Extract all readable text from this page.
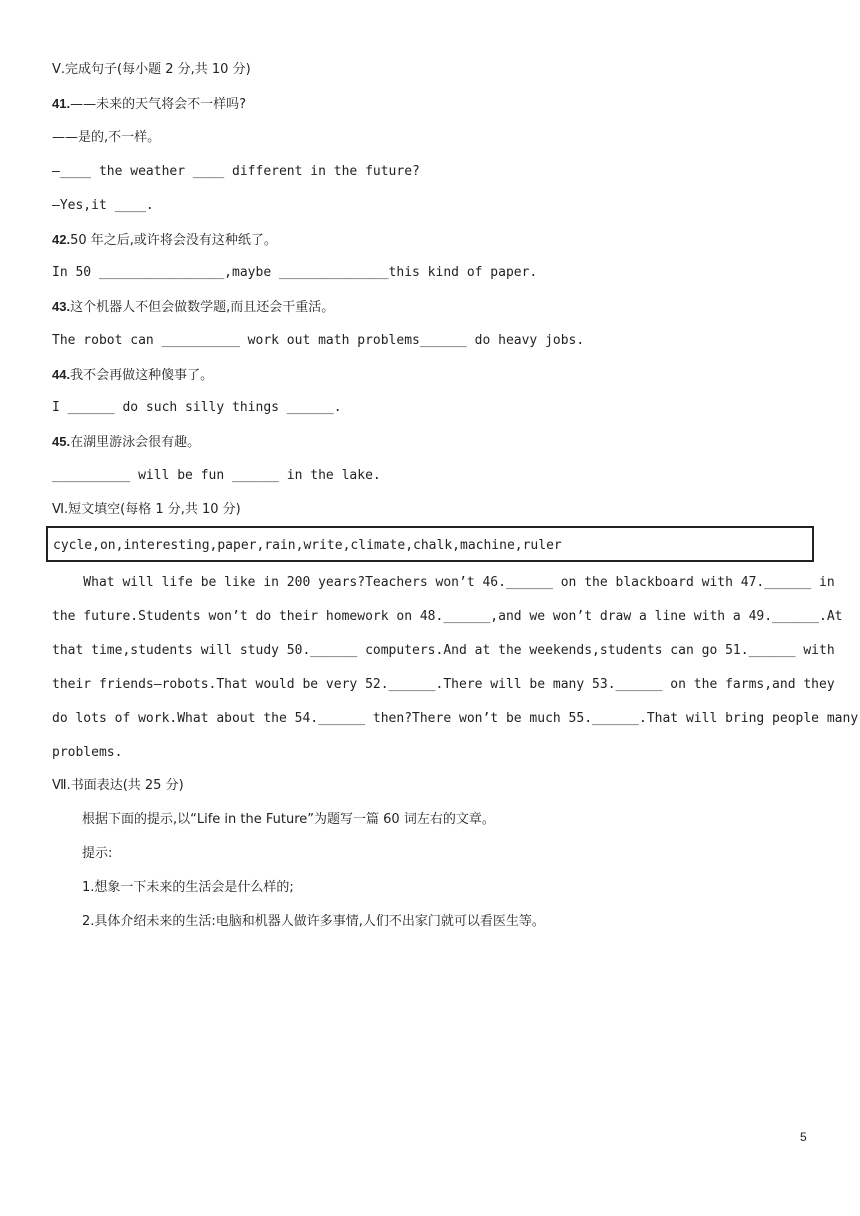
Ⅴ.完成句子(每小题 2 分,共 10 分)
41.——未来的天气将会不一样吗?
——是的,不一样。
—____ the weather ____ different in the future?
—Yes,it ____.
42.50 年之后,或许将会没有这种纸了。
In 50 ________________,maybe ______________this kind of paper.
43.这个机器人不但会做数学题,而且还会干重活。
The robot can __________ work out math problems______ do heavy jobs.
44.我不会再做这种傻事了。
I ______ do such silly things ______.
45.在湖里游泳会很有趣。
__________ will be fun ______ in the lake.
Ⅵ.短文填空(每格 1 分,共 10 分)
cycle,on,interesting,paper,rain,write,climate,chalk,machine,ruler
What will life be like in 200 years?Teachers won’t 46.______ on the blackboard with 47.______ in
the future.Students won’t do their homework on 48.______,and we won’t draw a line with a 49.______.At
that time,students will study 50.______ computers.And at the weekends,students can go 51.______ with
their friends—robots.That would be very 52.______.There will be many 53.______ on the farms,and they
do lots of work.What about the 54.______ then?There won’t be much 55.______.That will bring people many
problems.
Ⅶ.书面表达(共 25 分)
根据下面的提示,以“Life in the Future”为题写一篇 60 词左右的文章。
提示:
1.想象一下未来的生活会是什么样的;
2.具体介绍未来的生活:电脑和机器人做许多事情,人们不出家门就可以看医生等。
5
